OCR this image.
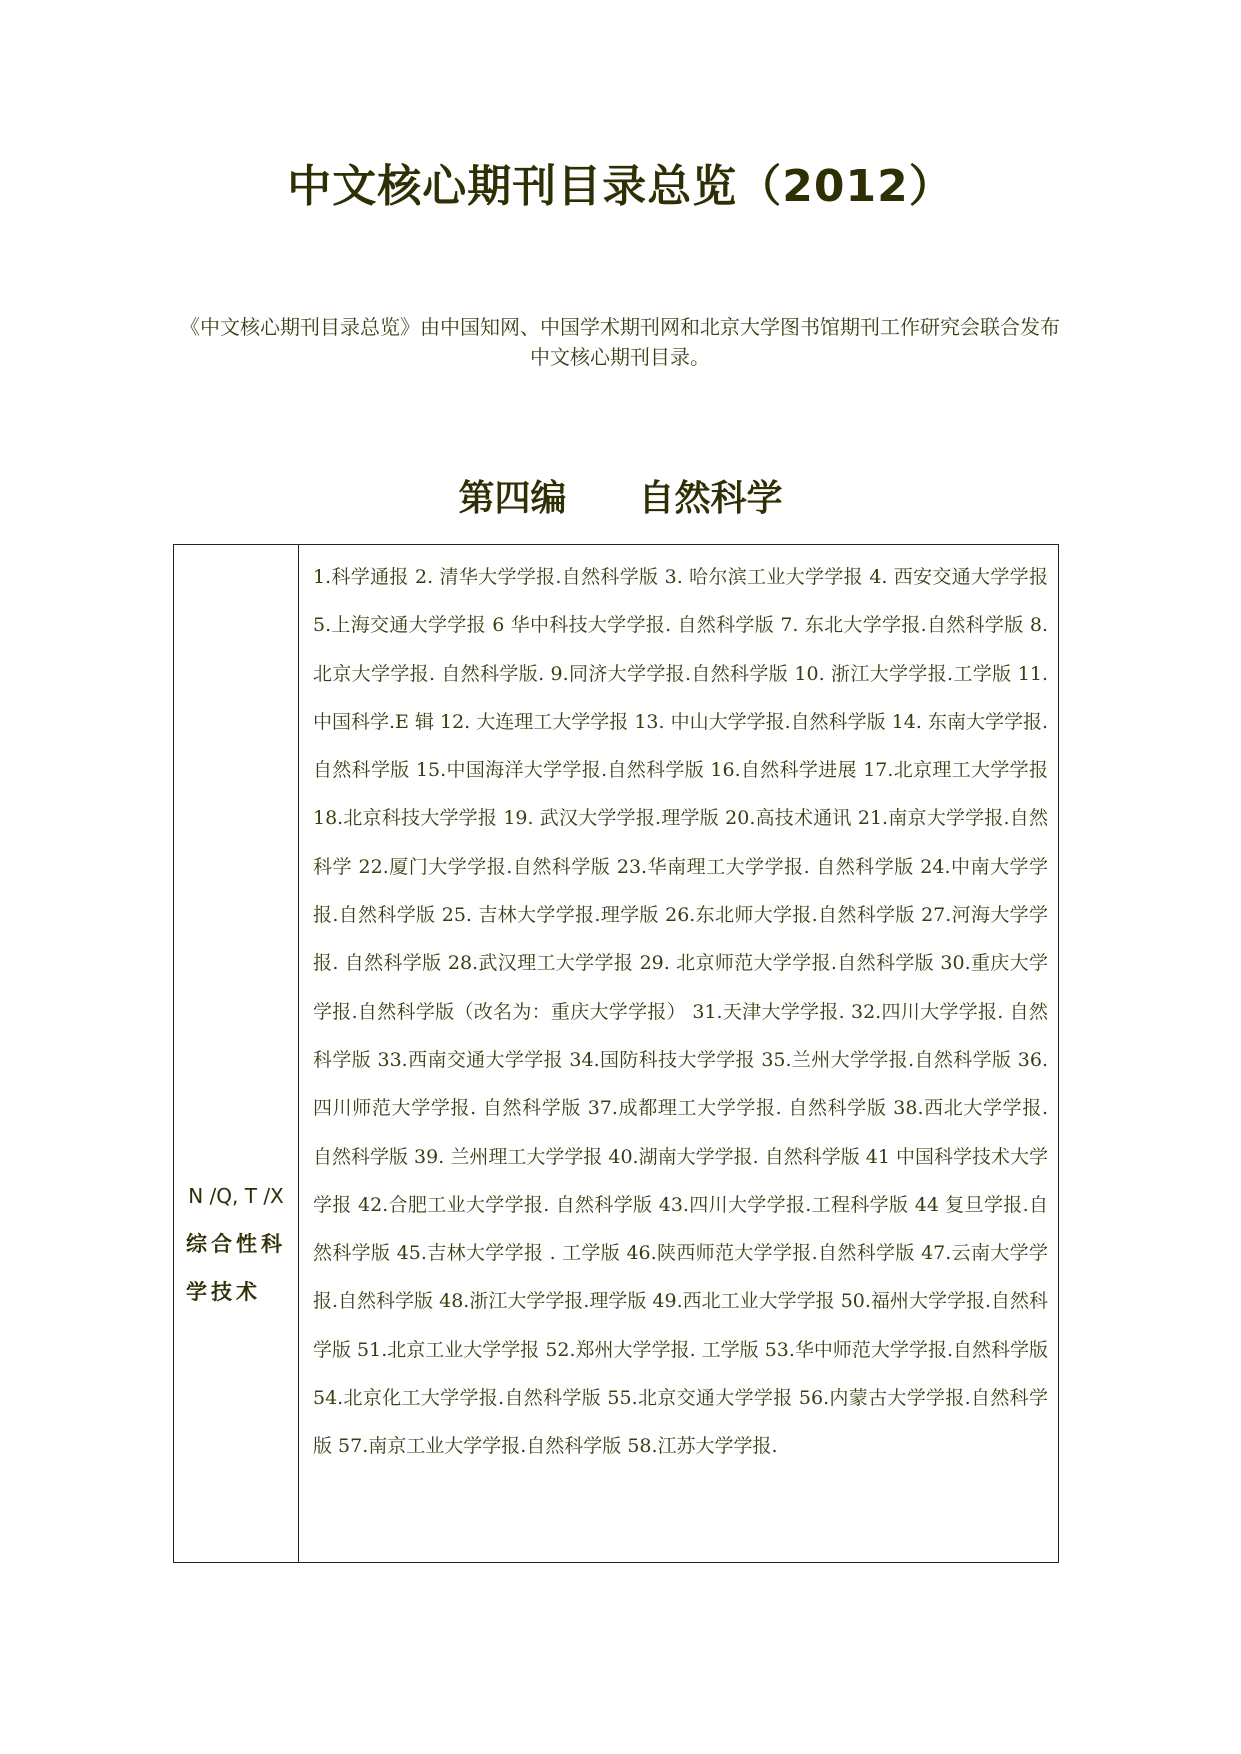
中文核心期刊目录总览（2012）

《中文核心期刊目录总览》由中国知网、中国学术期刊网和北京大学图书馆期刊工作研究会联合发布中文核心期刊目录。

第四编　　自然科学
N /Q, T /X
综合性科学技术
1.科学通报 2. 清华大学学报.自然科学版 3. 哈尔滨工业大学学报 4. 西安交通大学学报 5.上海交通大学学报 6 华中科技大学学报. 自然科学版 7. 东北大学学报.自然科学版 8. 北京大学学报. 自然科学版. 9.同济大学学报.自然科学版 10. 浙江大学学报.工学版 11. 中国科学.E 辑 12. 大连理工大学学报 13. 中山大学学报.自然科学版 14. 东南大学学报.自然科学版 15.中国海洋大学学报.自然科学版 16.自然科学进展 17.北京理工大学学报 18.北京科技大学学报 19. 武汉大学学报.理学版 20.高技术通讯 21.南京大学学报.自然科学 22.厦门大学学报.自然科学版 23.华南理工大学学报. 自然科学版 24.中南大学学报.自然科学版 25. 吉林大学学报.理学版 26.东北师大学报.自然科学版 27.河海大学学报. 自然科学版 28.武汉理工大学学报 29. 北京师范大学学报.自然科学版 30.重庆大学学报.自然科学版（改名为：重庆大学学报） 31.天津大学学报. 32.四川大学学报. 自然科学版 33.西南交通大学学报 34.国防科技大学学报 35.兰州大学学报.自然科学版 36.四川师范大学学报. 自然科学版 37.成都理工大学学报. 自然科学版 38.西北大学学报. 自然科学版 39. 兰州理工大学学报 40.湖南大学学报. 自然科学版 41 中国科学技术大学学报 42.合肥工业大学学报. 自然科学版 43.四川大学学报.工程科学版 44 复旦学报.自然科学版 45.吉林大学学报 . 工学版 46.陕西师范大学学报.自然科学版 47.云南大学学报.自然科学版 48.浙江大学学报.理学版 49.西北工业大学学报 50.福州大学学报.自然科学版 51.北京工业大学学报 52.郑州大学学报. 工学版 53.华中师范大学学报.自然科学版 54.北京化工大学学报.自然科学版 55.北京交通大学学报 56.内蒙古大学学报.自然科学版 57.南京工业大学学报.自然科学版 58.江苏大学学报.
